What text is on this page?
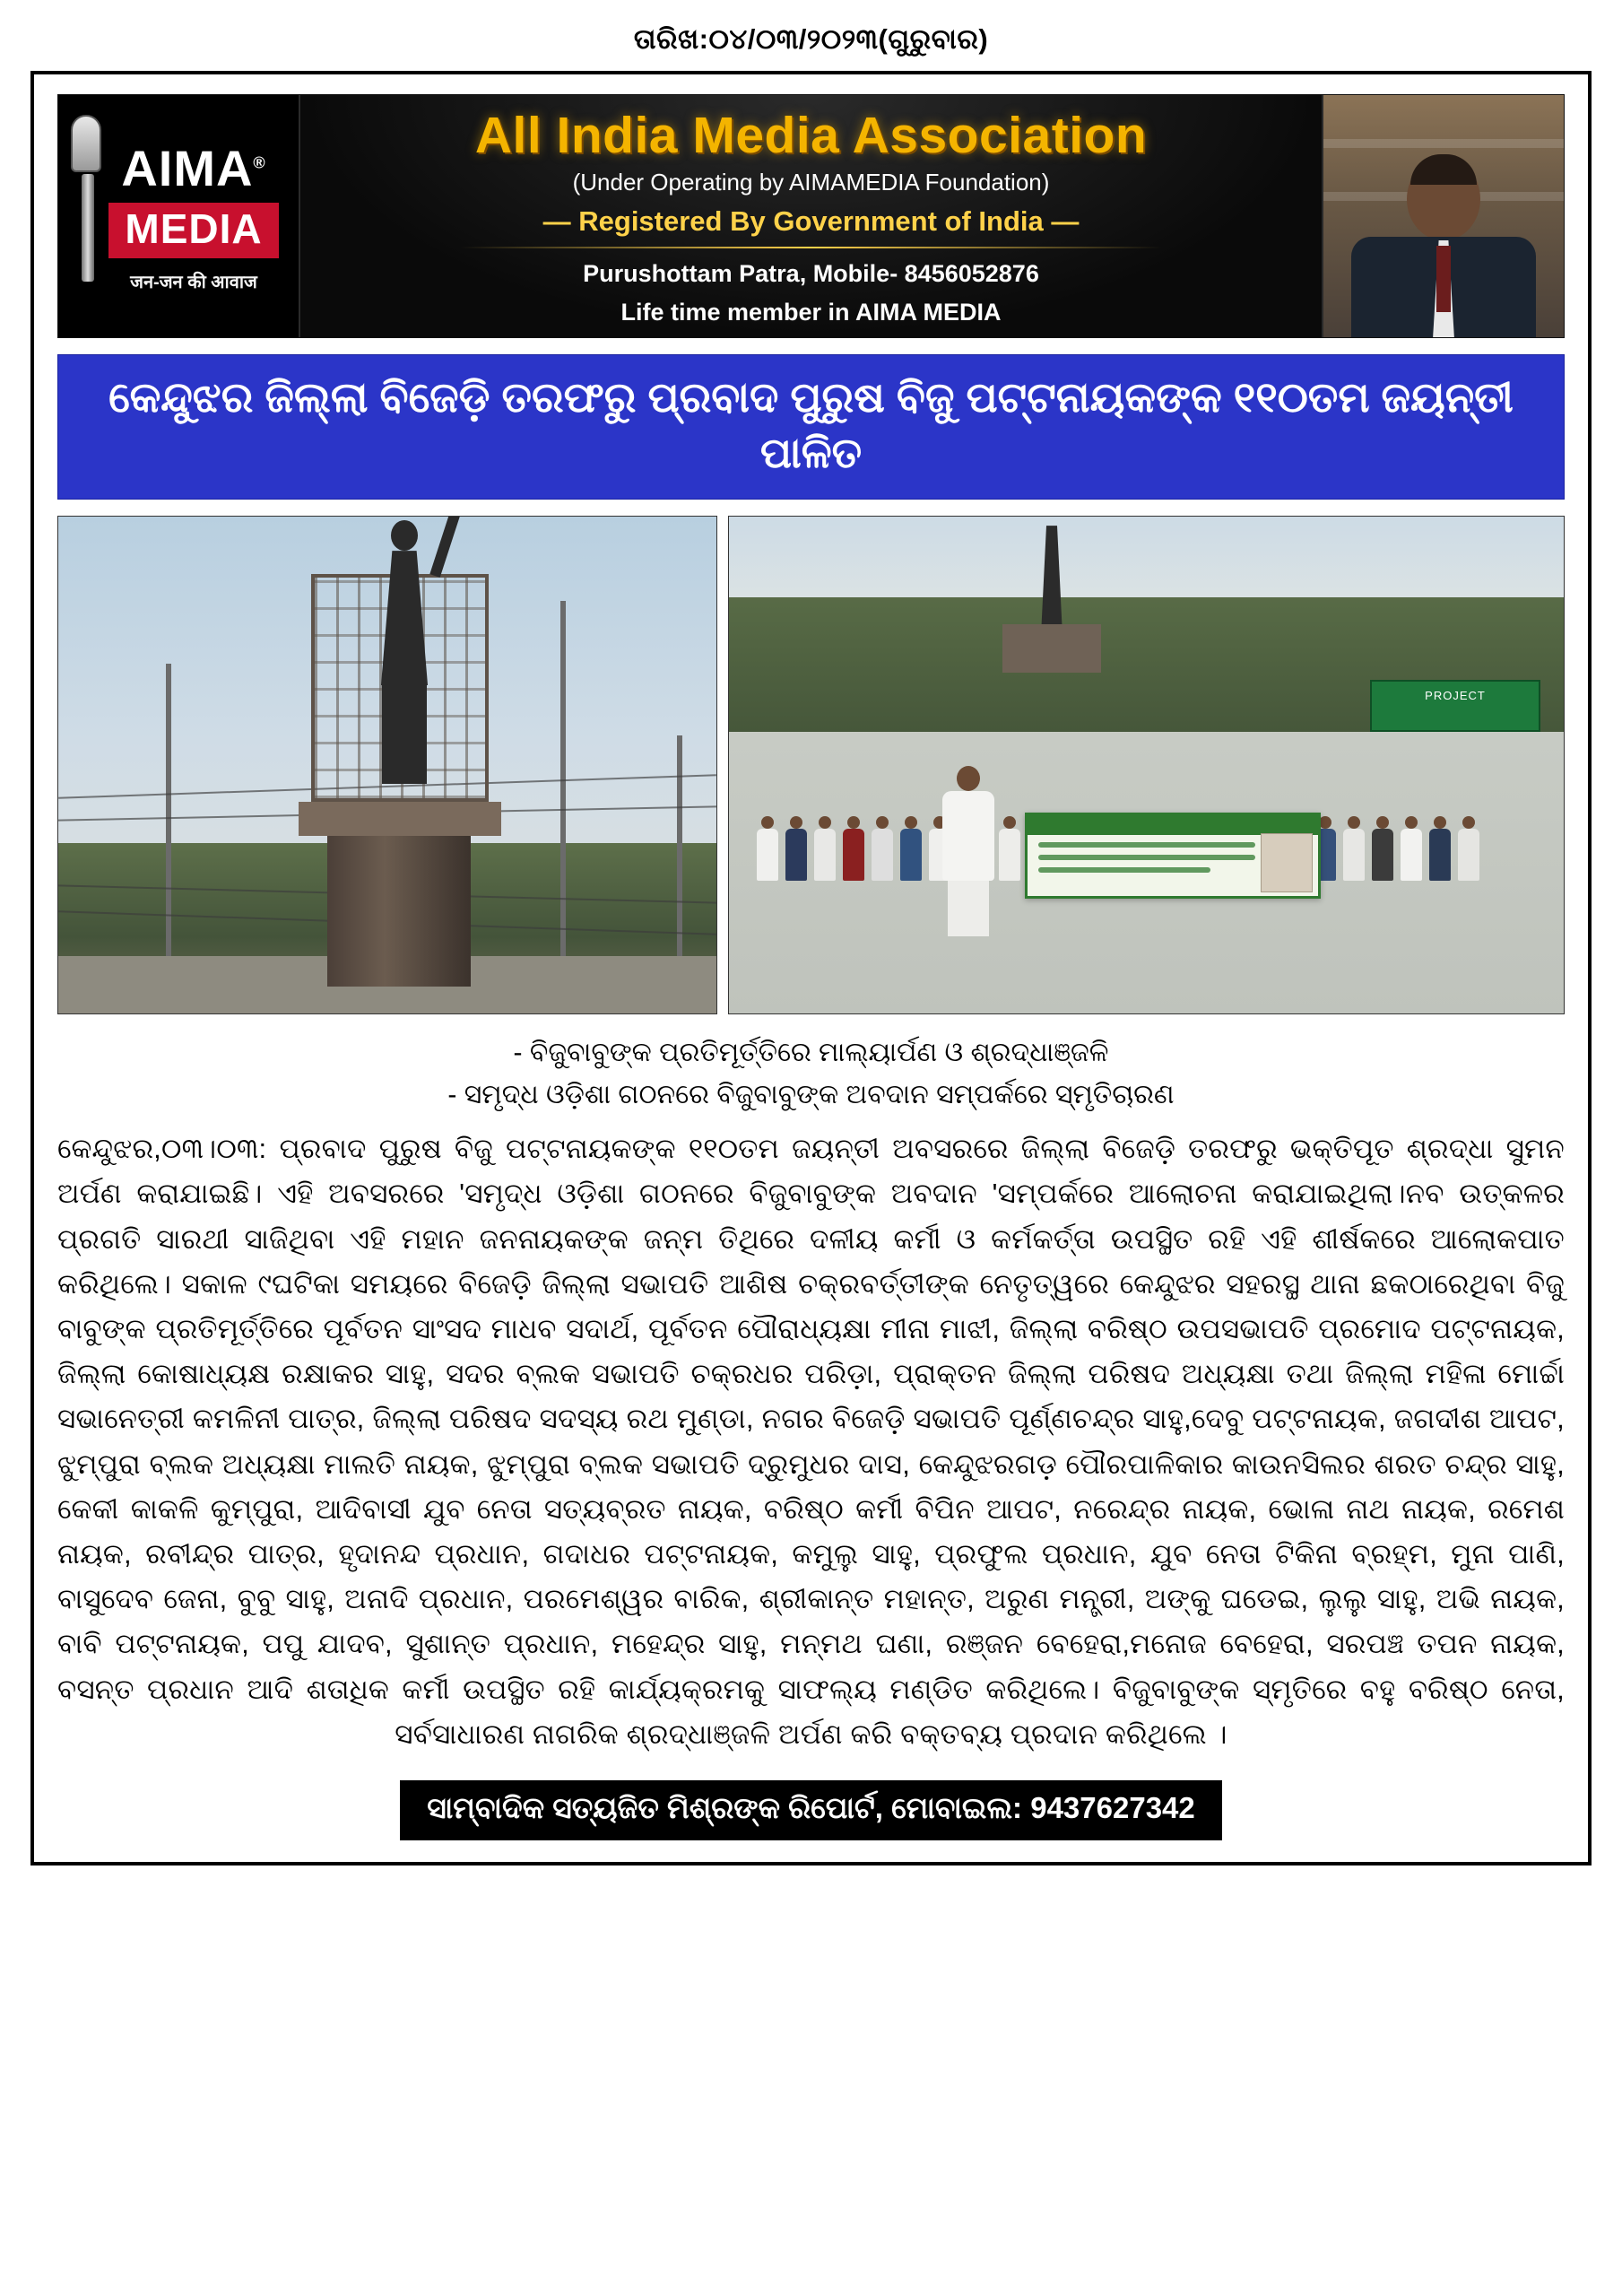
ତାରିଖ:୦୪/୦୩/୨୦୨୩(ଗୁରୁବାର)
AIMA®
MEDIA
जन-जन की आवाज
All India Media Association
(Under Operating by AIMAMEDIA Foundation)
— Registered By Government of India —
Purushottam Patra, Mobile- 8456052876
Life time member in AIMA MEDIA
କେନ୍ଦୁଝର ଜିଲ୍ଲା ବିଜେଡ଼ି ତରଫରୁ ପ୍ରବାଦ ପୁରୁଷ ବିଜୁ ପଟ୍ଟନାୟକଙ୍କ ୧୧୦ତମ ଜୟନ୍ତୀ ପାଳିତ
PROJECT
- ବିଜୁବାବୁଙ୍କ ପ୍ରତିମୂର୍ତ୍ତିରେ ମାଲ୍ୟାର୍ପଣ ଓ ଶ୍ରଦ୍ଧାଞ୍ଜଳି
- ସମୃଦ୍ଧ ଓଡ଼ିଶା ଗଠନରେ ବିଜୁବାବୁଙ୍କ ଅବଦାନ ସମ୍ପର୍କରେ ସ୍ମୃତିଚାରଣ
କେନ୍ଦୁଝର,୦୩।୦୩: ପ୍ରବାଦ ପୁରୁଷ ବିଜୁ ପଟ୍ଟନାୟକଙ୍କ ୧୧୦ତମ ଜୟନ୍ତୀ ଅବସରରେ ଜିଲ୍ଲା ବିଜେଡ଼ି ତରଫରୁ ଭକ୍ତିପୂତ ଶ୍ରଦ୍ଧା ସୁମନ ଅର୍ପଣ କରାଯାଇଛି। ଏହି ଅବସରରେ 'ସମୃଦ୍ଧ ଓଡ଼ିଶା ଗଠନରେ ବିଜୁବାବୁଙ୍କ ଅବଦାନ 'ସମ୍ପର୍କରେ ଆଲୋଚନା କରାଯାଇଥିଲା।ନବ ଉତ୍କଳର ପ୍ରଗତି ସାରଥୀ ସାଜିଥିବା ଏହି ମହାନ ଜନନାୟକଙ୍କ ଜନ୍ମ ତିଥିରେ ଦଳୀୟ କର୍ମୀ ଓ କର୍ମକର୍ତ୍ତା ଉପସ୍ଥିତ ରହି ଏହି ଶୀର୍ଷକରେ ଆଲୋକପାତ କରିଥିଲେ। ସକାଳ ୯ଘଟିକା ସମୟରେ ବିଜେଡ଼ି ଜିଲ୍ଲା ସଭାପତି ଆଶିଷ ଚକ୍ରବର୍ତ୍ତୀଙ୍କ ନେତୃତ୍ୱରେ କେନ୍ଦୁଝର ସହରସ୍ଥ ଥାନା ଛକଠାରେଥିବା ବିଜୁ ବାବୁଙ୍କ ପ୍ରତିମୂର୍ତ୍ତିରେ ପୂର୍ବତନ ସାଂସଦ ମାଧବ ସଦାର୍ଥ, ପୂର୍ବତନ ପୌରାଧ୍ୟକ୍ଷା ମୀନା ମାଝୀ, ଜିଲ୍ଲା ବରିଷ୍ଠ ଉପସଭାପତି ପ୍ରମୋଦ ପଟ୍ଟନାୟକ, ଜିଲ୍ଲା କୋଷାଧ୍ୟକ୍ଷ ରକ୍ଷାକର ସାହୁ, ସଦର ବ୍ଲକ ସଭାପତି ଚକ୍ରଧର ପରିଡ଼ା, ପ୍ରାକ୍ତନ ଜିଲ୍ଲା ପରିଷଦ ଅଧ୍ୟକ୍ଷା ତଥା ଜିଲ୍ଲା ମହିଳା ମୋର୍ଚ୍ଚା ସଭାନେତ୍ରୀ କମଳିନୀ ପାତ୍ର, ଜିଲ୍ଲା ପରିଷଦ ସଦସ୍ୟ ରଥ ମୁଣ୍ଡା, ନଗର ବିଜେଡ଼ି ସଭାପତି ପୂର୍ଣ୍ଣଚନ୍ଦ୍ର ସାହୁ,ଦେବୁ ପଟ୍ଟନାୟକ, ଜଗଦୀଶ ଆପଟ, ଝୁମ୍ପୁରା ବ୍ଲକ ଅଧ୍ୟକ୍ଷା ମାଲତି ନାୟକ, ଝୁମ୍ପୁରା ବ୍ଲକ ସଭାପତି ଦ୍ରୁମୁଧର ଦାସ, କେନ୍ଦୁଝରଗଡ଼ ପୌରପାଳିକାର କାଉନସିଲର ଶରତ ଚନ୍ଦ୍ର ସାହୁ, କେକୀ କାକଳି କୁମ୍ପୁରା, ଆଦିବାସୀ ଯୁବ ନେତା ସତ୍ୟବ୍ରତ ନାୟକ, ବରିଷ୍ଠ କର୍ମୀ ବିପିନ ଆପଟ, ନରେନ୍ଦ୍ର ନାୟକ, ଭୋଳା ନାଥ ନାୟକ, ରମେଶ ନାୟକ, ରବୀନ୍ଦ୍ର ପାତ୍ର, ହୃଦାନନ୍ଦ ପ୍ରଧାନ, ଗଦାଧର ପଟ୍ଟନାୟକ, କମୁଲୁ ସାହୁ, ପ୍ରଫୁଲ ପ୍ରଧାନ, ଯୁବ ନେତା ଟିକିନା ବ୍ରହ୍ମ, ମୁନା ପାଣି, ବାସୁଦେବ ଜେନା, ବୁବୁ ସାହୁ, ଅନାଦି ପ୍ରଧାନ, ପରମେଶ୍ୱର ବାରିକ, ଶ୍ରୀକାନ୍ତ ମହାନ୍ତ, ଅରୁଣ ମନ୍ତ୍ରୀ, ଅଙ୍କୁ ଘଡେଇ, ଲୁଲୁ ସାହୁ, ଅଭି ନାୟକ, ବାବି ପଟ୍ଟନାୟକ, ପପୁ ଯାଦବ, ସୁଶାନ୍ତ ପ୍ରଧାନ, ମହେନ୍ଦ୍ର ସାହୁ, ମନ୍ମଥ ଘଣା, ରଞ୍ଜନ ବେହେରା,ମନୋଜ ବେହେରା, ସରପଞ୍ଚ ତପନ ନାୟକ, ବସନ୍ତ ପ୍ରଧାନ ଆଦି ଶତାଧିକ କର୍ମୀ ଉପସ୍ଥିତ ରହି କାର୍ଯ୍ୟକ୍ରମକୁ ସାଫଲ୍ୟ ମଣ୍ଡିତ କରିଥିଲେ। ବିଜୁବାବୁଙ୍କ ସ୍ମୃତିରେ ବହୁ ବରିଷ୍ଠ ନେତା, ସର୍ବସାଧାରଣ ନାଗରିକ ଶ୍ରଦ୍ଧାଞ୍ଜଳି ଅର୍ପଣ କରି ବକ୍ତବ୍ୟ ପ୍ରଦାନ କରିଥିଲେ ।
ସାମ୍ବାଦିକ ସତ୍ୟଜିତ ମିଶ୍ରଙ୍କ ରିପୋର୍ଟ, ମୋବାଇଲ: 9437627342
